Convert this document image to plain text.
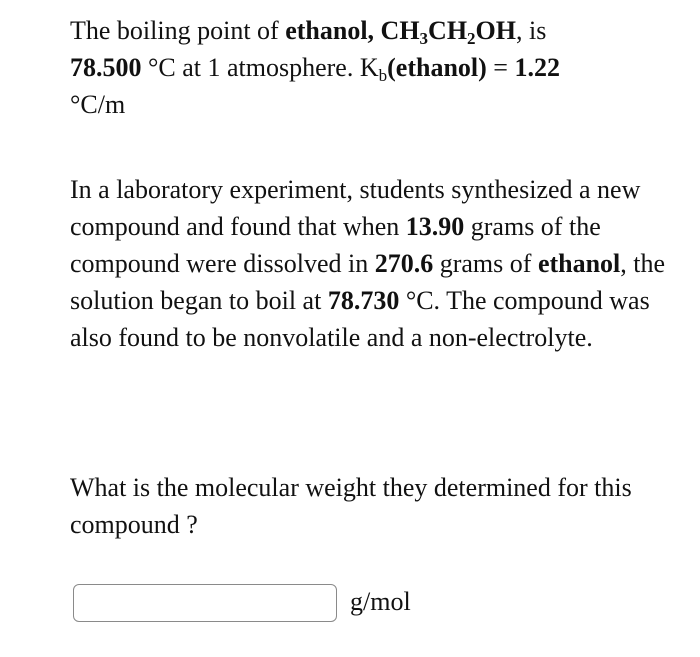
The boiling point of ethanol, $CH_3CH_2OH$, is
78.500 °C at 1 atmosphere. $K_b(ethanol) = 1.22$
°C/m

In a laboratory experiment, students synthesized a new compound and found that when 13.90 grams of the compound were dissolved in 270.6 grams of ethanol, the solution began to boil at 78.730 °C. The compound was also found to be nonvolatile and a non-electrolyte.

What is the molecular weight they determined for this compound ?

g/mol
